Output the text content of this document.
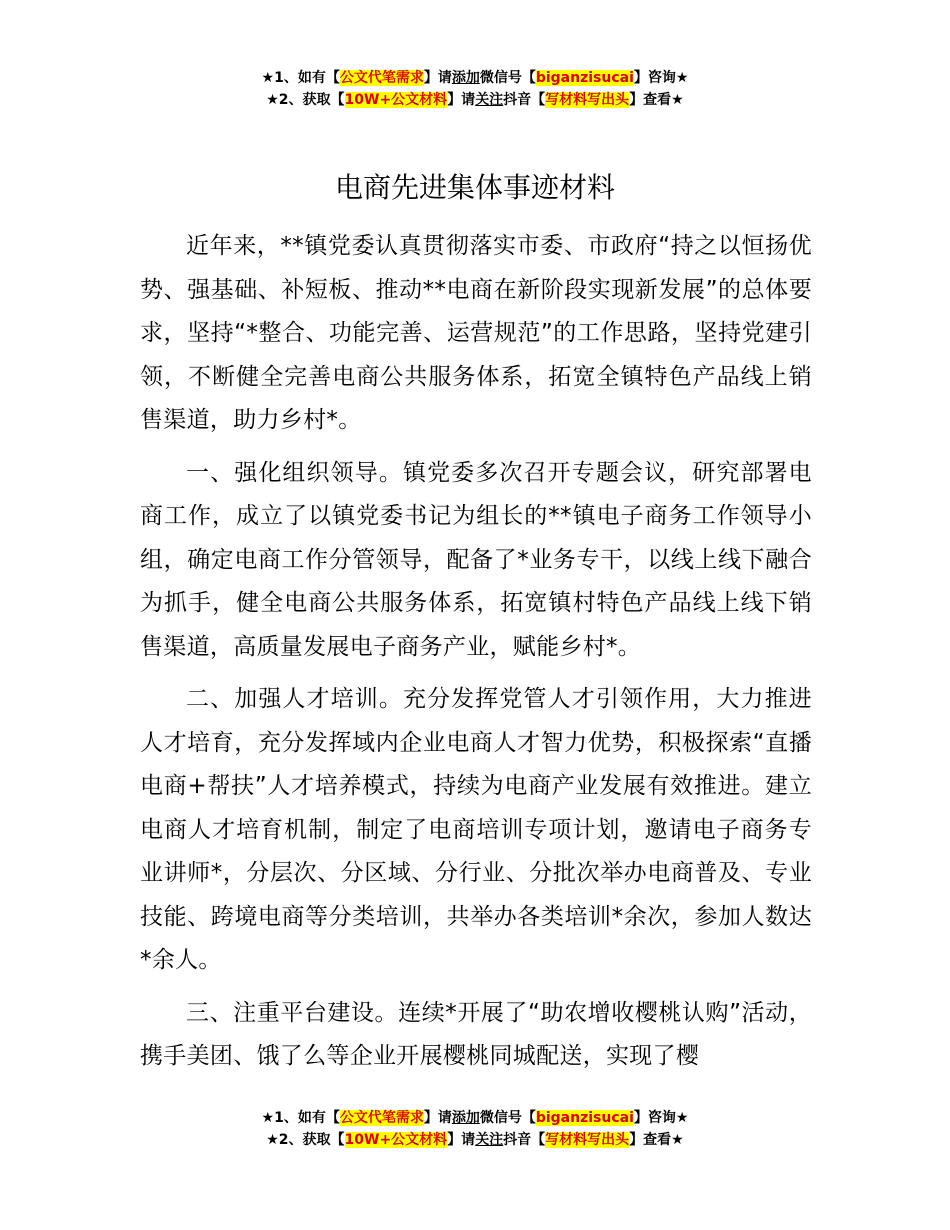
★1、如有【公文代笔需求】请添加微信号【biganzisucai】咨询★
★2、获取【10W+公文材料】请关注抖音【写材料写出头】查看★
电商先进集体事迹材料

近年来，**镇党委认真贯彻落实市委、市政府“持之以恒扬优势、强基础、补短板、推动**电商在新阶段实现新发展”的总体要求，坚持“*整合、功能完善、运营规范”的工作思路，坚持党建引领，不断健全完善电商公共服务体系，拓宽全镇特色产品线上销售渠道，助力乡村*。

一、强化组织领导。镇党委多次召开专题会议，研究部署电商工作，成立了以镇党委书记为组长的**镇电子商务工作领导小组，确定电商工作分管领导，配备了*业务专干，以线上线下融合为抓手，健全电商公共服务体系，拓宽镇村特色产品线上线下销售渠道，高质量发展电子商务产业，赋能乡村*。

二、加强人才培训。充分发挥党管人才引领作用，大力推进人才培育，充分发挥域内企业电商人才智力优势，积极探索“直播电商+帮扶”人才培养模式，持续为电商产业发展有效推进。建立电商人才培育机制，制定了电商培训专项计划，邀请电子商务专业讲师*，分层次、分区域、分行业、分批次举办电商普及、专业技能、跨境电商等分类培训，共举办各类培训*余次，参加人数达*余人。

三、注重平台建设。连续*开展了“助农增收樱桃认购”活动，携手美团、饿了么等企业开展樱桃同城配送，实现了樱

★1、如有【公文代笔需求】请添加微信号【biganzisucai】咨询★
★2、获取【10W+公文材料】请关注抖音【写材料写出头】查看★
